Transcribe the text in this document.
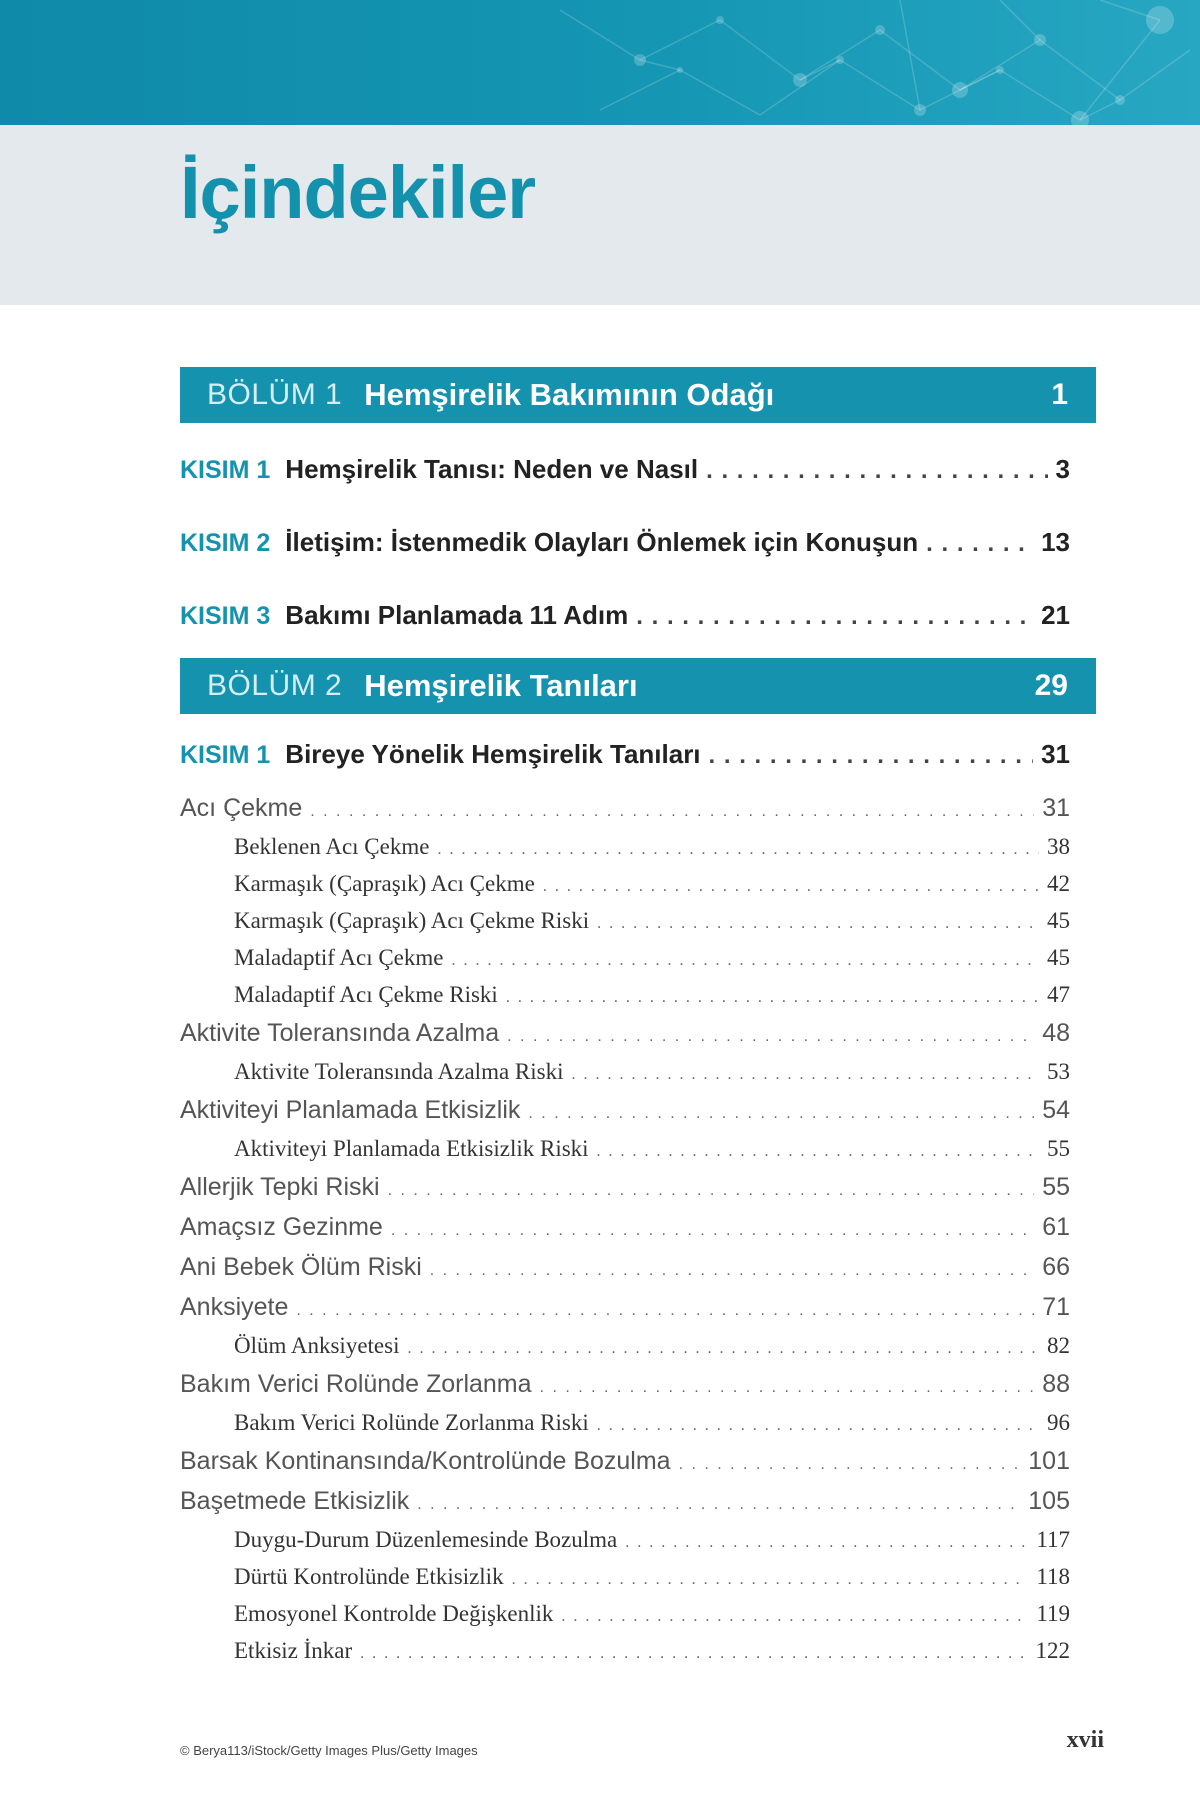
İçindekiler
BÖLÜM 1 Hemşirelik Bakımının Odağı	1
KISIM 1 Hemşirelik Tanısı: Neden ve Nasıl . . .	3
KISIM 2 İletişim: İstenmedik Olayları Önlemek için Konuşun . . .	13
KISIM 3 Bakımı Planlamada 11 Adım . . .	21
BÖLÜM 2 Hemşirelik Tanıları	29
KISIM 1 Bireye Yönelik Hemşirelik Tanıları . . .	31
Acı Çekme . . .	31
Beklenen Acı Çekme . . .	38
Karmaşık (Çapraşık) Acı Çekme . . .	42
Karmaşık (Çapraşık) Acı Çekme Riski . . .	45
Maladaptif Acı Çekme . . .	45
Maladaptif Acı Çekme Riski . . .	47
Aktivite Toleransında Azalma . . .	48
Aktivite Toleransında Azalma Riski . . .	53
Aktiviteyi Planlamada Etkisizlik . . .	54
Aktiviteyi Planlamada Etkisizlik Riski . . .	55
Allerjik Tepki Riski . . .	55
Amaçsız Gezinme . . .	61
Ani Bebek Ölüm Riski . . .	66
Anksiyete . . .	71
Ölüm Anksiyetesi . . .	82
Bakım Verici Rolünde Zorlanma . . .	88
Bakım Verici Rolünde Zorlanma Riski . . .	96
Barsak Kontinansında/Kontrolünde Bozulma . . .	101
Başetmede Etkisizlik . . .	105
Duygu-Durum Düzenlemesinde Bozulma . . .	117
Dürtü Kontrolünde Etkisizlik . . .	118
Emosyonel Kontrolde Değişkenlik . . .	119
Etkisiz İnkar . . .	122
© Berya113/iStock/Getty Images Plus/Getty Images	xvii
